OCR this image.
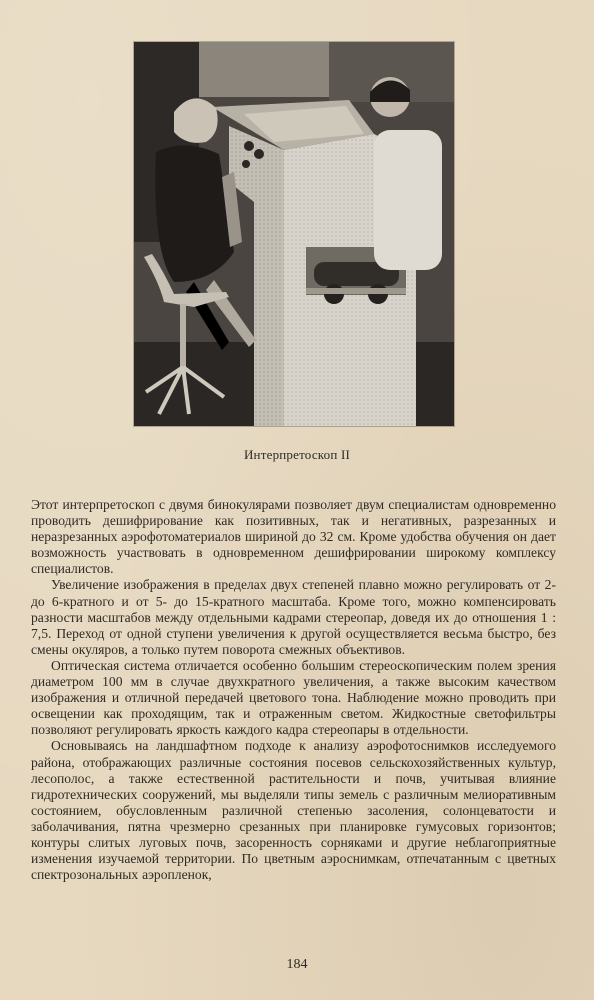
Интерпретоскоп II

Этот интерпретоскоп с двумя бинокулярами позволяет двум специалистам одновременно проводить дешифрирование как позитивных, так и негативных, разрезанных и неразрезанных аэрофотоматериалов шириной до 32 см. Кроме удобства обучения он дает возможность участвовать в одновременном дешифрировании широкому комплексу специалистов.

Увеличение изображения в пределах двух степеней плавно можно регулировать от 2- до 6-кратного и от 5- до 15-кратного масштаба. Кроме того, можно компенсировать разности масштабов между отдельными кадрами стереопар, доведя их до отношения 1 : 7,5. Переход от одной ступени увеличения к другой осуществляется весьма быстро, без смены окуляров, а только путем поворота смежных объективов.

Оптическая система отличается особенно большим стереоскопическим полем зрения диаметром 100 мм в случае двухкратного увеличения, а также высоким качеством изображения и отличной передачей цветового тона. Наблюдение можно проводить при освещении как проходящим, так и отраженным светом. Жидкостные светофильтры позволяют регулировать яркость каждого кадра стереопары в отдельности.

Основываясь на ландшафтном подходе к анализу аэрофотоснимков исследуемого района, отображающих различные состояния посевов сельскохозяйственных культур, лесополос, а также естественной растительности и почв, учитывая влияние гидротехнических сооружений, мы выделяли типы земель с различным мелиоративным состоянием, обусловленным различной степенью засоления, солонцеватости и заболачивания, пятна чрезмерно срезанных при планировке гумусовых горизонтов; контуры слитых луговых почв, засоренность сорняками и другие неблагоприятные изменения изучаемой территории. По цветным аэроснимкам, отпечатанным с цветных спектрозональных аэропленок,

184
